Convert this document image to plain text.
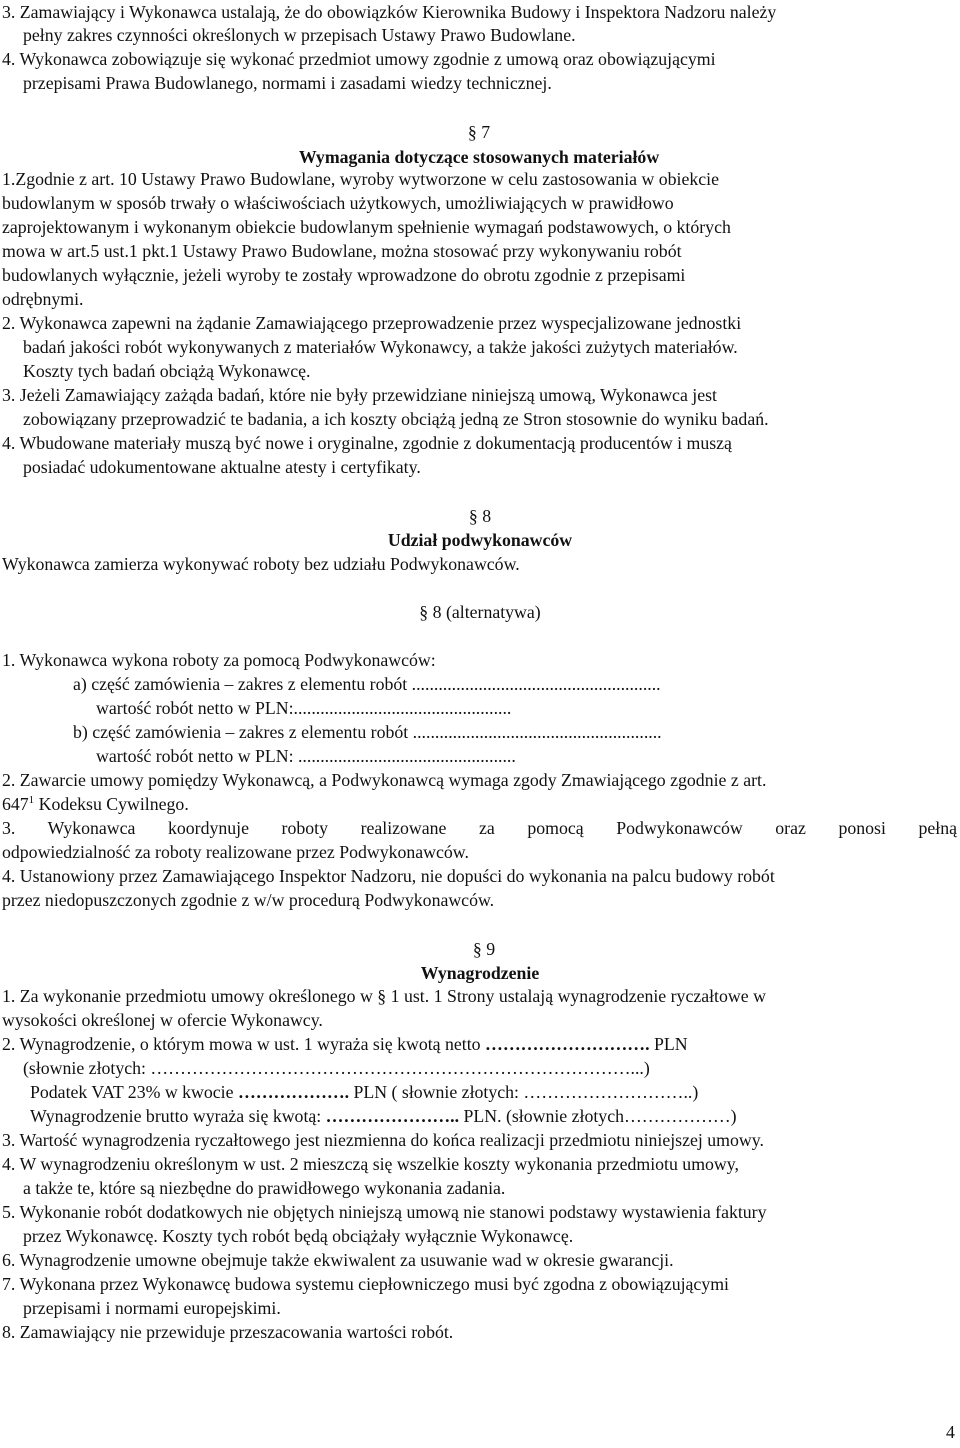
3. Zamawiający i Wykonawca ustalają, że do obowiązków Kierownika Budowy i Inspektora Nadzoru należy
pełny zakres czynności określonych w przepisach Ustawy Prawo Budowlane.
4. Wykonawca zobowiązuje się wykonać przedmiot umowy zgodnie z umową oraz obowiązującymi
przepisami Prawa Budowlanego, normami i zasadami wiedzy technicznej.
§ 7
Wymagania dotyczące stosowanych materiałów
1.Zgodnie z art. 10 Ustawy Prawo Budowlane, wyroby wytworzone w celu zastosowania w obiekcie
budowlanym w sposób trwały o właściwościach użytkowych, umożliwiających w prawidłowo
zaprojektowanym i wykonanym obiekcie budowlanym spełnienie wymagań podstawowych, o których
mowa w art.5 ust.1 pkt.1 Ustawy Prawo Budowlane, można stosować przy wykonywaniu robót
budowlanych wyłącznie, jeżeli wyroby te zostały wprowadzone do obrotu zgodnie z przepisami
odrębnymi.
2. Wykonawca zapewni na żądanie Zamawiającego przeprowadzenie przez wyspecjalizowane jednostki
badań jakości robót wykonywanych z materiałów Wykonawcy, a także jakości zużytych materiałów.
Koszty tych badań obciążą Wykonawcę.
3. Jeżeli Zamawiający zażąda badań, które nie były przewidziane niniejszą umową, Wykonawca jest
zobowiązany przeprowadzić te badania, a ich koszty obciążą jedną ze Stron stosownie do wyniku badań.
4. Wbudowane materiały muszą być nowe i oryginalne, zgodnie z dokumentacją producentów i muszą
posiadać udokumentowane aktualne atesty i certyfikaty.
§ 8
Udział podwykonawców
Wykonawca zamierza wykonywać roboty bez udziału Podwykonawców.
§ 8 (alternatywa)
1. Wykonawca wykona roboty za pomocą Podwykonawców:
a) część zamówienia – zakres z elementu robót ........................................................
wartość robót netto w PLN:.................................................
b) część zamówienia – zakres z elementu robót ........................................................
wartość robót netto w PLN: .................................................
2. Zawarcie umowy pomiędzy Wykonawcą, a Podwykonawcą wymaga zgody Zmawiającego zgodnie z art.
$647^1$ Kodeksu Cywilnego.
3. Wykonawca koordynuje roboty realizowane za pomocą Podwykonawców oraz ponosi pełną
odpowiedzialność za roboty realizowane przez Podwykonawców.
4. Ustanowiony przez Zamawiającego Inspektor Nadzoru, nie dopuści do wykonania na palcu budowy robót
przez niedopuszczonych zgodnie z w/w procedurą Podwykonawców.
§ 9
Wynagrodzenie
1. Za wykonanie przedmiotu umowy określonego w § 1 ust. 1 Strony ustalają wynagrodzenie ryczałtowe w
wysokości określonej w ofercie Wykonawcy.
2. Wynagrodzenie, o którym mowa w ust. 1 wyraża się kwotą netto ………………………. PLN
(słownie złotych: ………………………………………………………………………...)
Podatek VAT 23% w kwocie ………………. PLN ( słownie złotych: ………………………..)
Wynagrodzenie brutto wyraża się kwotą: ………………….. PLN. (słownie złotych………………)
3. Wartość wynagrodzenia ryczałtowego jest niezmienna do końca realizacji przedmiotu niniejszej umowy.
4. W wynagrodzeniu określonym w ust. 2 mieszczą się wszelkie koszty wykonania przedmiotu umowy,
a także te, które są niezbędne do prawidłowego wykonania zadania.
5. Wykonanie robót dodatkowych nie objętych niniejszą umową nie stanowi podstawy wystawienia faktury
przez Wykonawcę. Koszty tych robót będą obciążały wyłącznie Wykonawcę.
6. Wynagrodzenie umowne obejmuje także ekwiwalent za usuwanie wad w okresie gwarancji.
7. Wykonana przez Wykonawcę budowa systemu ciepłowniczego musi być zgodna z obowiązującymi
przepisami i normami europejskimi.
8. Zamawiający nie przewiduje przeszacowania wartości robót.
4
